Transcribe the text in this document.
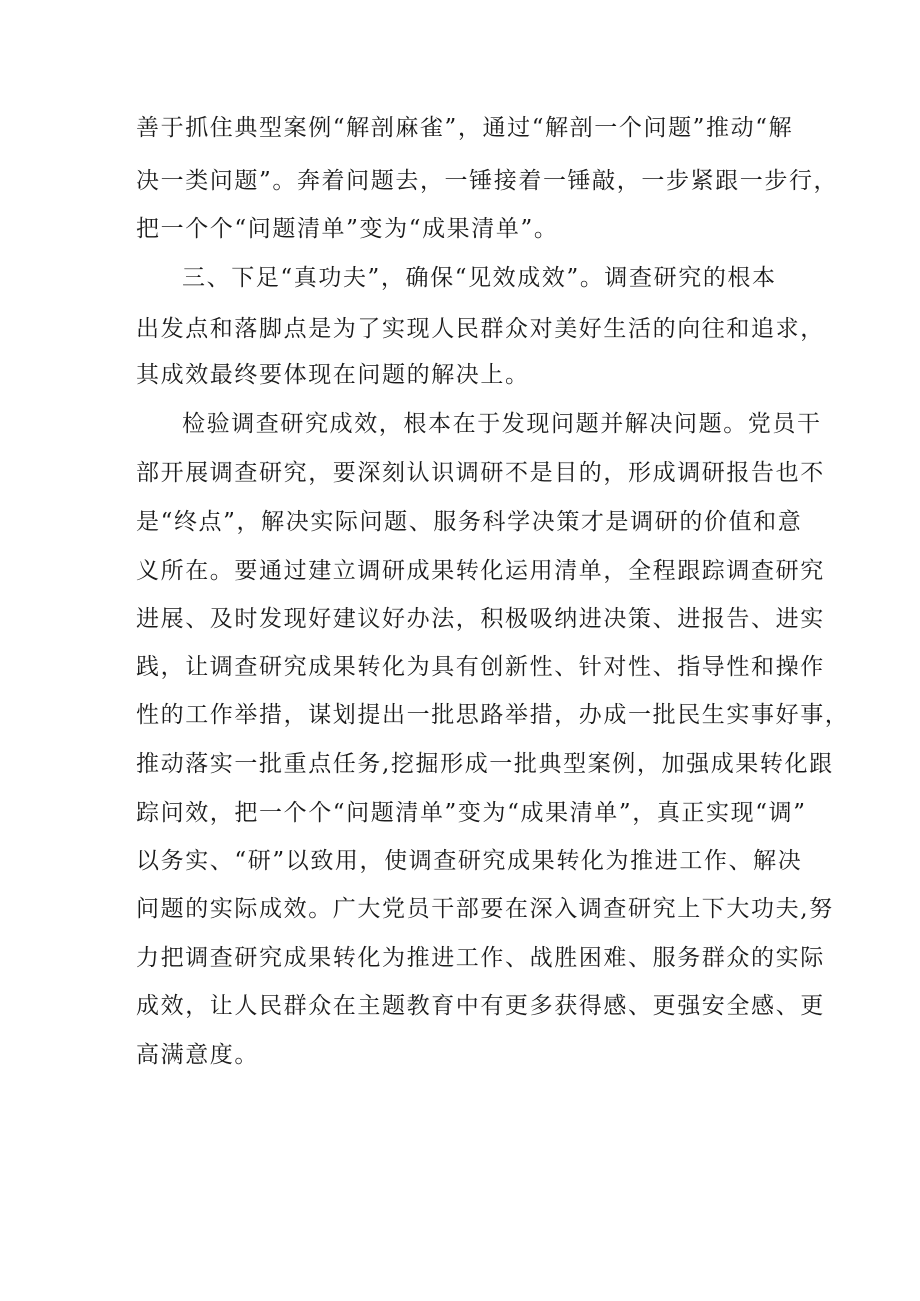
善于抓住典型案例“解剖麻雀”，通过“解剖一个问题”推动“解
决一类问题”。奔着问题去，一锤接着一锤敲，一步紧跟一步行，
把一个个“问题清单”变为“成果清单”。
三、下足“真功夫”，确保“见效成效”。调查研究的根本
出发点和落脚点是为了实现人民群众对美好生活的向往和追求，
其成效最终要体现在问题的解决上。
检验调查研究成效，根本在于发现问题并解决问题。党员干
部开展调查研究，要深刻认识调研不是目的，形成调研报告也不
是“终点”，解决实际问题、服务科学决策才是调研的价值和意
义所在。要通过建立调研成果转化运用清单，全程跟踪调查研究
进展、及时发现好建议好办法，积极吸纳进决策、进报告、进实
践，让调查研究成果转化为具有创新性、针对性、指导性和操作
性的工作举措，谋划提出一批思路举措，办成一批民生实事好事，
推动落实一批重点任务,挖掘形成一批典型案例，加强成果转化跟
踪问效，把一个个“问题清单”变为“成果清单”，真正实现“调”
以务实、“研”以致用，使调查研究成果转化为推进工作、解决
问题的实际成效。广大党员干部要在深入调查研究上下大功夫,努
力把调查研究成果转化为推进工作、战胜困难、服务群众的实际
成效，让人民群众在主题教育中有更多获得感、更强安全感、更
高满意度。
